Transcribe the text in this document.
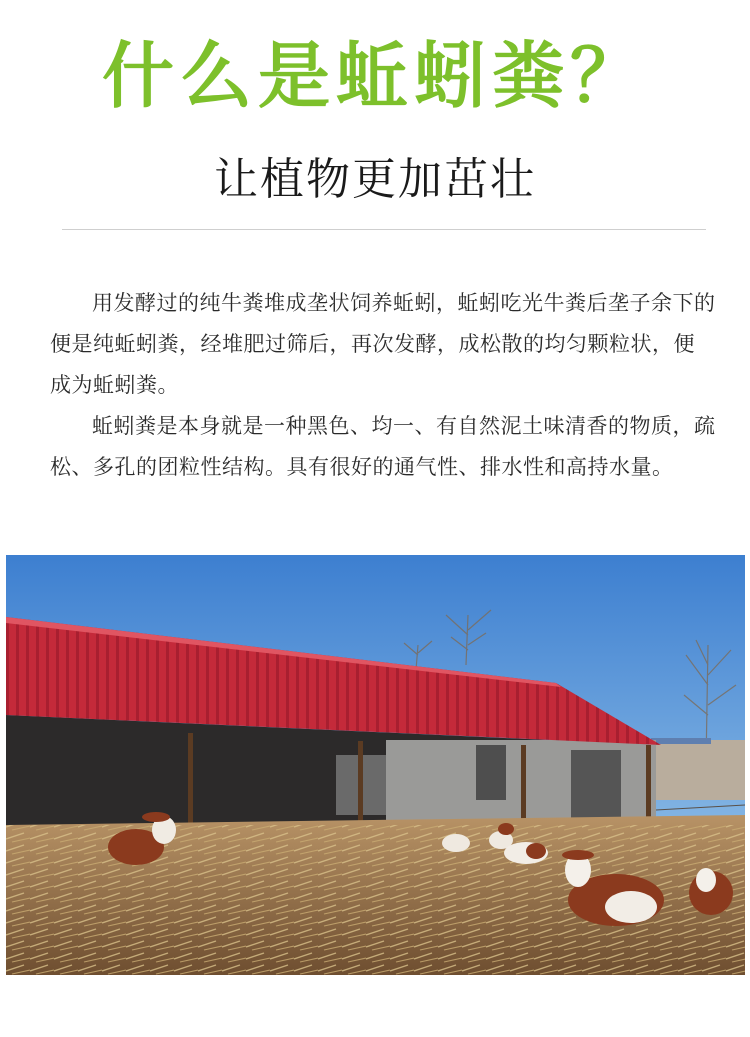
什么是蚯蚓粪？
让植物更加茁壮

用发酵过的纯牛粪堆成垄状饲养蚯蚓，蚯蚓吃光牛粪后垄子余下的便是纯蚯蚓粪，经堆肥过筛后，再次发酵，成松散的均匀颗粒状，便成为蚯蚓粪。

蚯蚓粪是本身就是一种黑色、均一、有自然泥土味清香的物质，疏松、多孔的团粒性结构。具有很好的通气性、排水性和高持水量。
